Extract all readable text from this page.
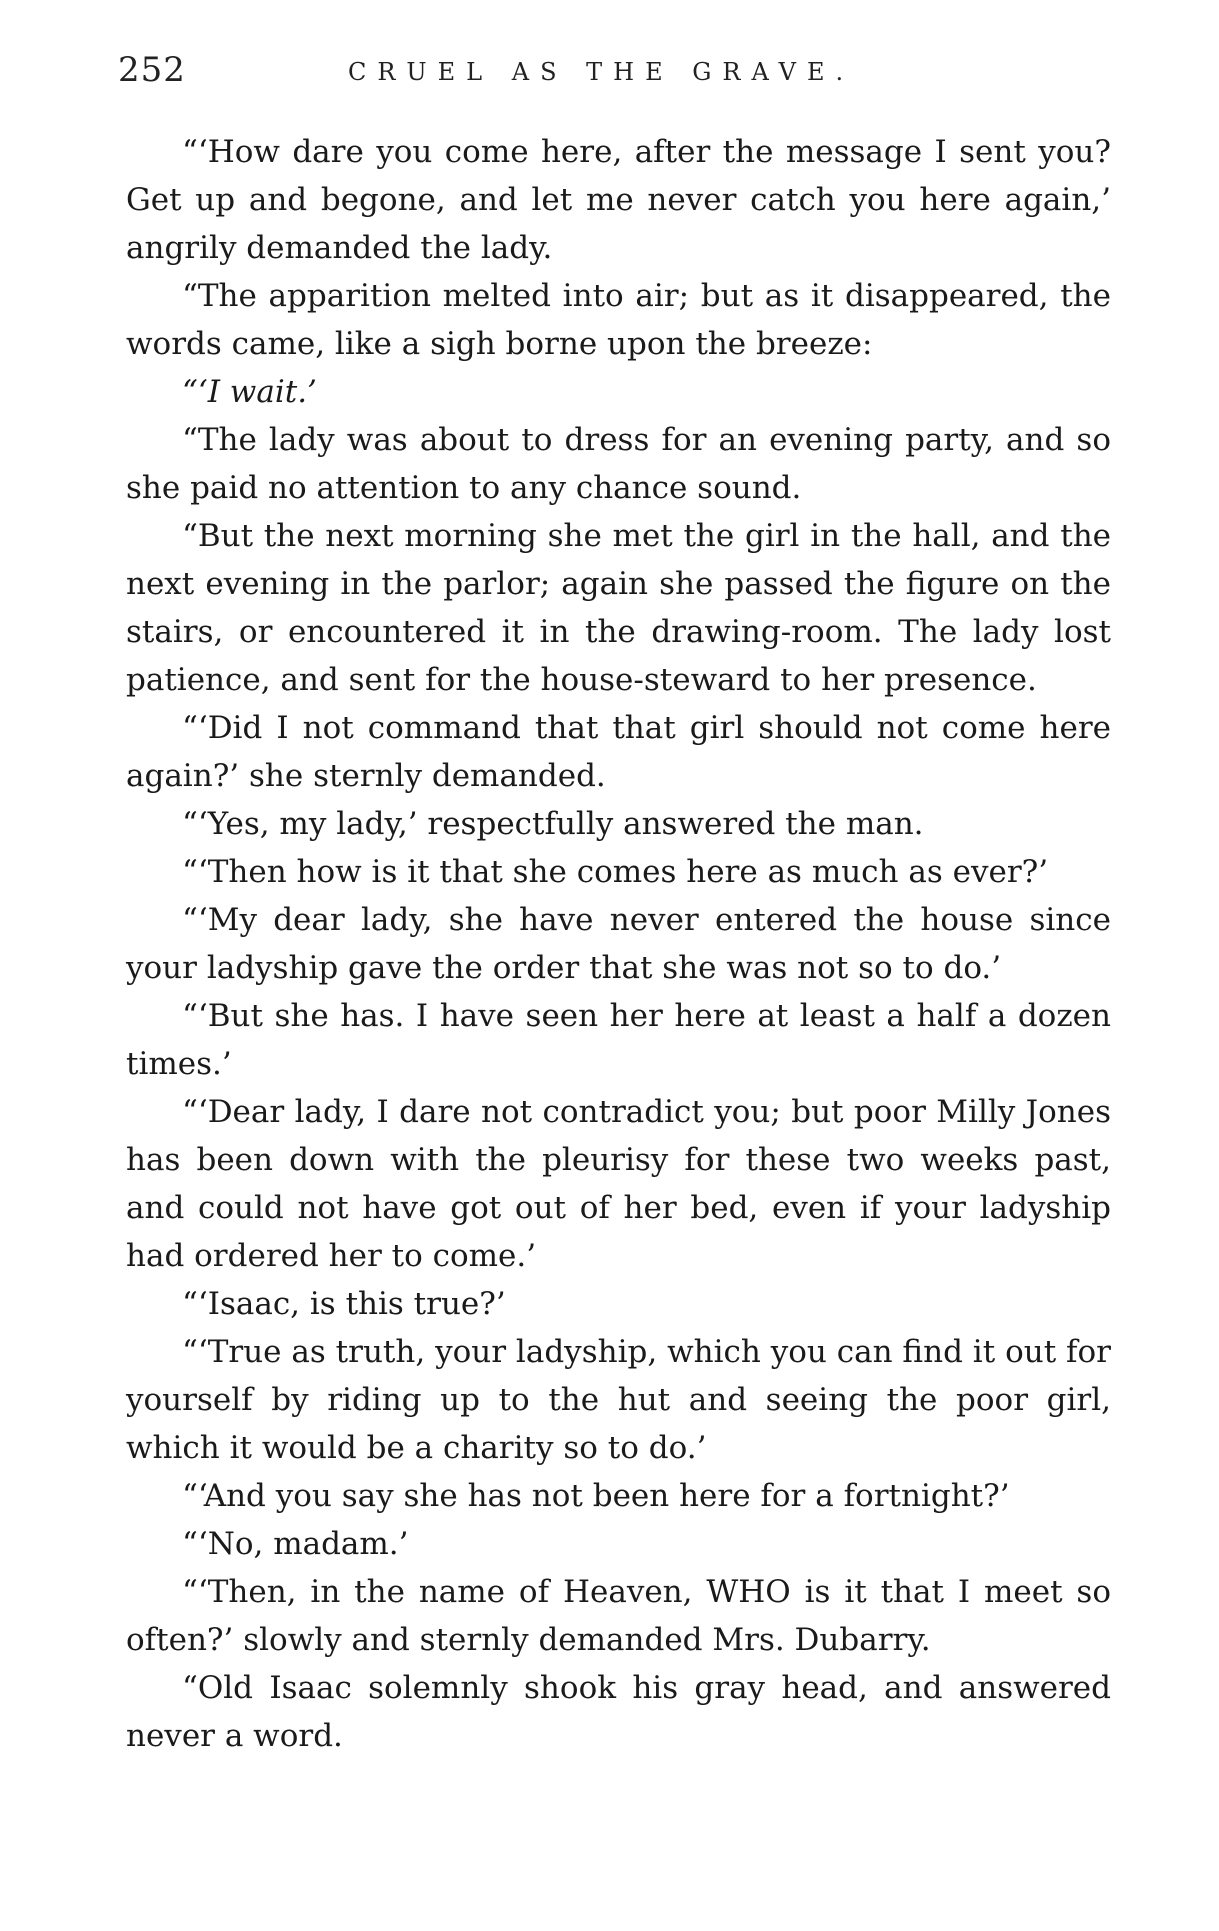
252	CRUEL AS THE GRAVE.

“‘How dare you come here, after the message I sent you? Get up and begone, and let me never catch you here again,’ angrily demanded the lady.

“The apparition melted into air; but as it disappeared, the words came, like a sigh borne upon the breeze:

“‘I wait.’

“The lady was about to dress for an evening party, and so she paid no attention to any chance sound.

“But the next morning she met the girl in the hall, and the next evening in the parlor; again she passed the figure on the stairs, or encountered it in the drawing-room. The lady lost patience, and sent for the house-steward to her presence.

“‘Did I not command that that girl should not come here again?’ she sternly demanded.

“‘Yes, my lady,’ respectfully answered the man.

“‘Then how is it that she comes here as much as ever?’

“‘My dear lady, she have never entered the house since your ladyship gave the order that she was not so to do.’

“‘But she has. I have seen her here at least a half a dozen times.’

“‘Dear lady, I dare not contradict you; but poor Milly Jones has been down with the pleurisy for these two weeks past, and could not have got out of her bed, even if your ladyship had ordered her to come.’

“‘Isaac, is this true?’

“‘True as truth, your ladyship, which you can find it out for yourself by riding up to the hut and seeing the poor girl, which it would be a charity so to do.’

“‘And you say she has not been here for a fortnight?’

“‘No, madam.’

“‘Then, in the name of Heaven, WHO is it that I meet so often?’ slowly and sternly demanded Mrs. Dubarry.

“Old Isaac solemnly shook his gray head, and answered never a word.
